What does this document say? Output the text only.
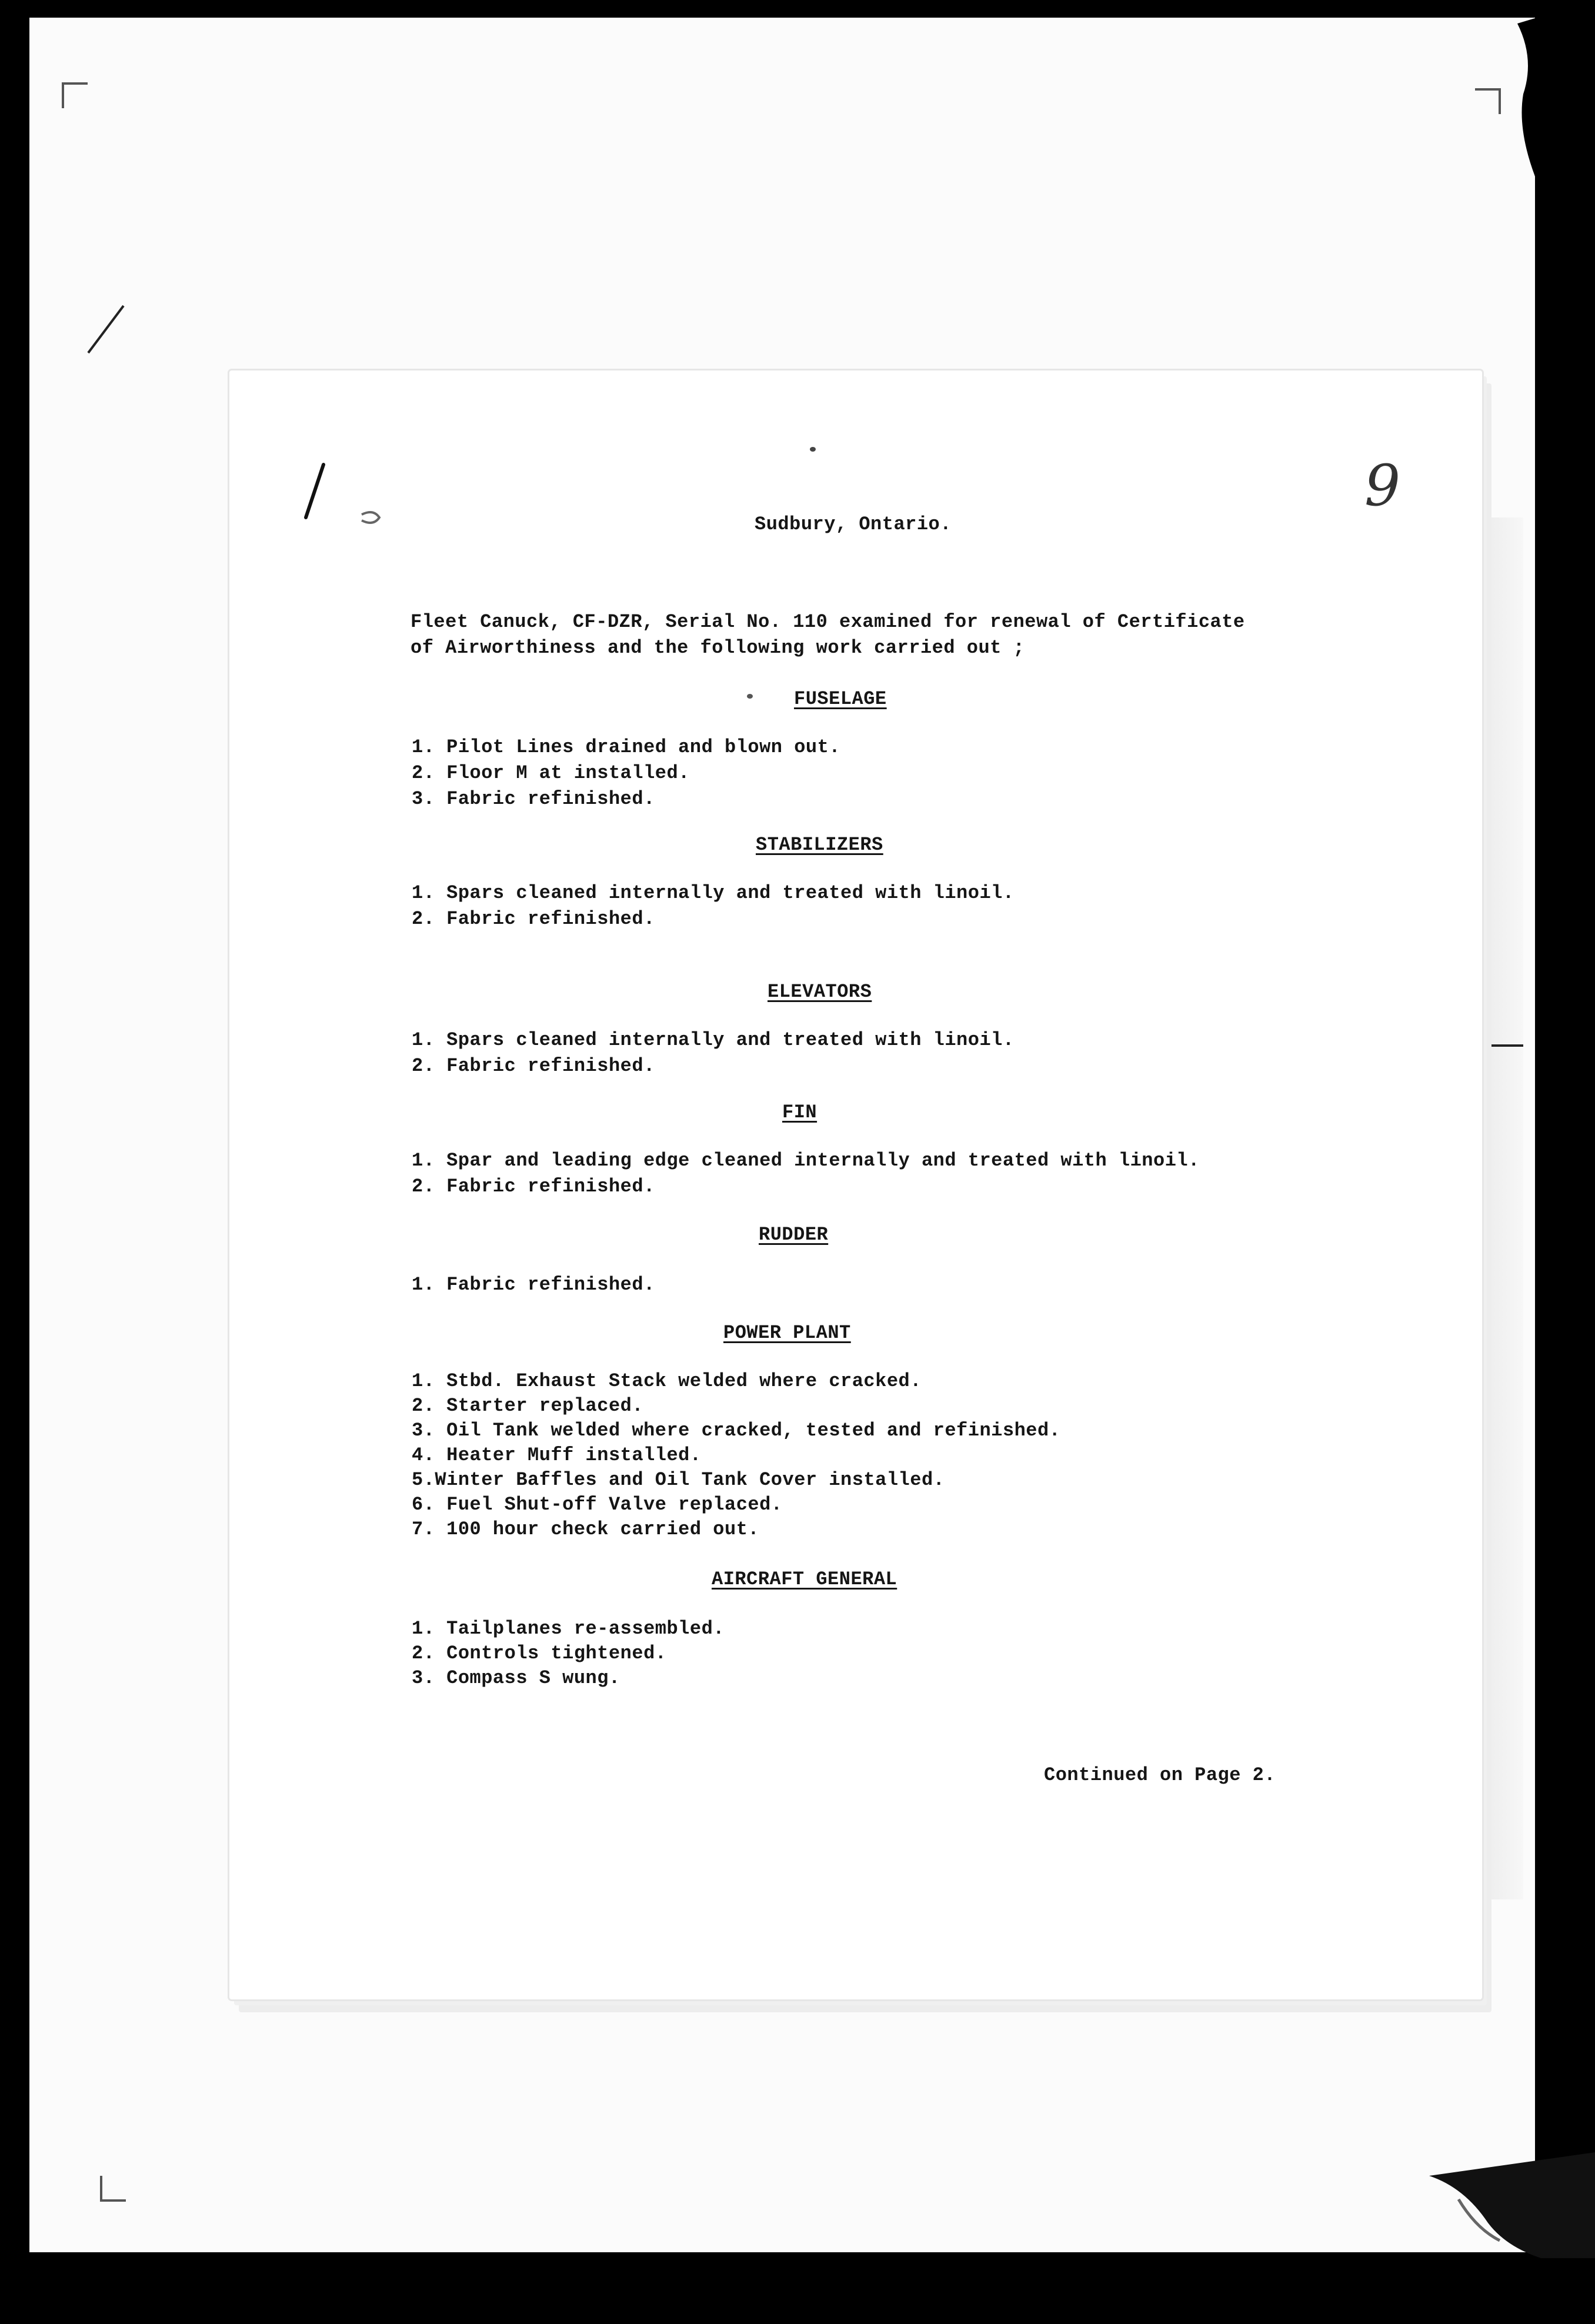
9
Sudbury, Ontario.
Fleet Canuck, CF-DZR, Serial No. 110 examined for renewal of Certificate
of Airworthiness and the following work carried out ;
FUSELAGE
1. Pilot Lines drained and blown out.
2. Floor M at installed.
3. Fabric refinished.
STABILIZERS
1. Spars cleaned internally and treated with linoil.
2. Fabric refinished.
ELEVATORS
1. Spars cleaned internally and treated with linoil.
2. Fabric refinished.
FIN
1. Spar and leading edge cleaned internally and treated with linoil.
2. Fabric refinished.
RUDDER
1. Fabric refinished.
POWER PLANT
1. Stbd. Exhaust Stack welded where cracked.
2. Starter replaced.
3. Oil Tank welded where cracked, tested and refinished.
4. Heater Muff installed.
5.Winter Baffles and Oil Tank Cover installed.
6. Fuel Shut-off Valve replaced.
7. 100 hour check carried out.
AIRCRAFT GENERAL
1. Tailplanes re-assembled.
2. Controls tightened.
3. Compass S wung.
Continued on Page 2.
